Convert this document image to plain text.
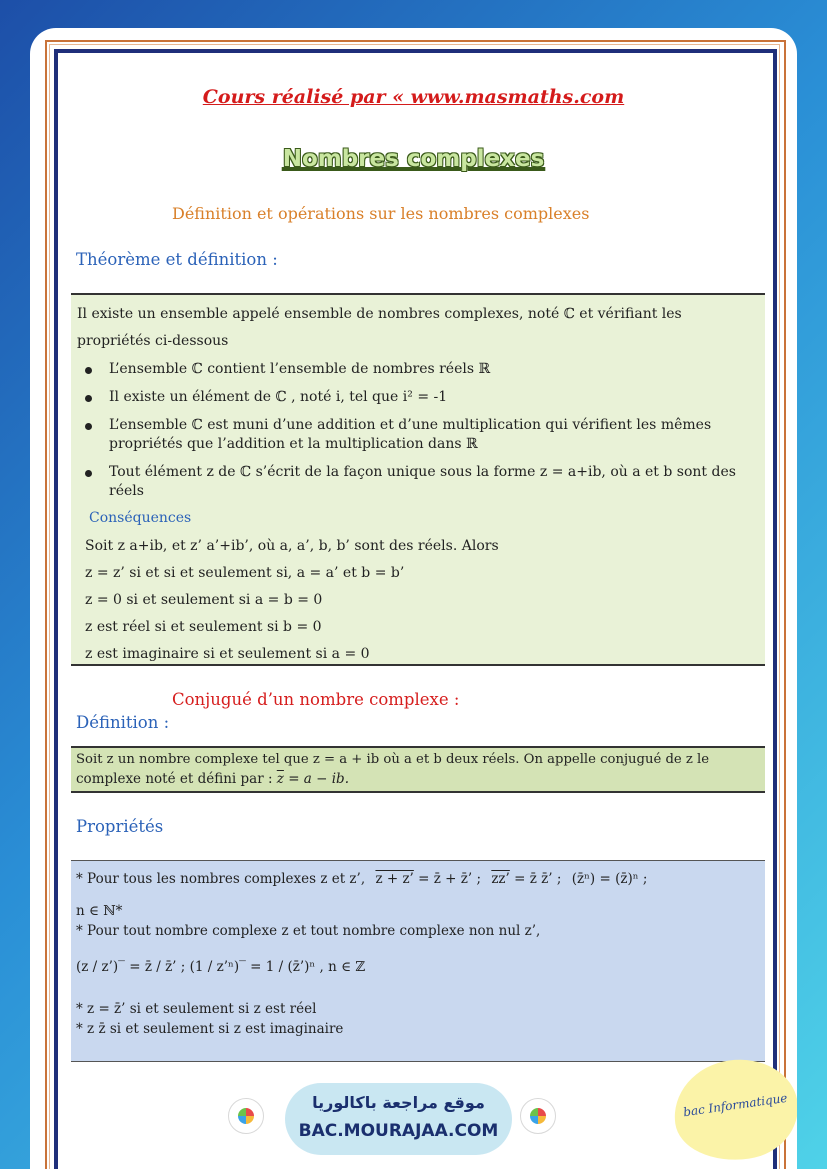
Cours réalisé par « www.masmaths.com
Nombres complexes
Définition et opérations sur les nombres complexes
Théorème et définition :
Il existe un ensemble appelé ensemble de nombres complexes, noté ℂ et vérifiant les
propriétés ci-dessous
L’ensemble ℂ contient l’ensemble de nombres réels ℝ
Il existe un élément de ℂ , noté i, tel que i² = -1
L’ensemble ℂ est muni d’une addition et d’une multiplication qui vérifient les mêmes
propriétés que l’addition et la multiplication dans ℝ
Tout élément z de ℂ s’écrit de la façon unique sous la forme z = a+ib, où a et b sont des
réels
Conséquences
Soit z a+ib, et z’ a’+ib’, où a, a’, b, b’ sont des réels. Alors
z = z’ si et si et seulement si, a = a’ et b = b’
z = 0 si et seulement si a = b = 0
z est réel si et seulement si b = 0
z est imaginaire si et seulement si a = 0
Conjugué d’un nombre complexe :
Définition :
Soit z un nombre complexe tel que z = a + ib où a et b deux réels. On appelle conjugué de z le
complexe noté et défini par : $\overline{z} = a$ − ib.
Propriétés
* Pour tous les nombres complexes z et z’, z + z’ = z̄ + z̄’ ; zz’ = z̄ z̄’ ; (z̄ⁿ) = (z̄)ⁿ ;
n ∈ ℕ*
* Pour tout nombre complexe z et tout nombre complexe non nul z’,
(z / z’)‾ = z̄ / z̄’ ; (1 / z’ⁿ)‾ = 1 / (z̄’)ⁿ , n ∈ ℤ
* z = z̄’ si et seulement si z est réel
* z z̄ si et seulement si z est imaginaire
موقع مراجعة باكالوريا
BAC.MOURAJAA.COM
bac Informatique
